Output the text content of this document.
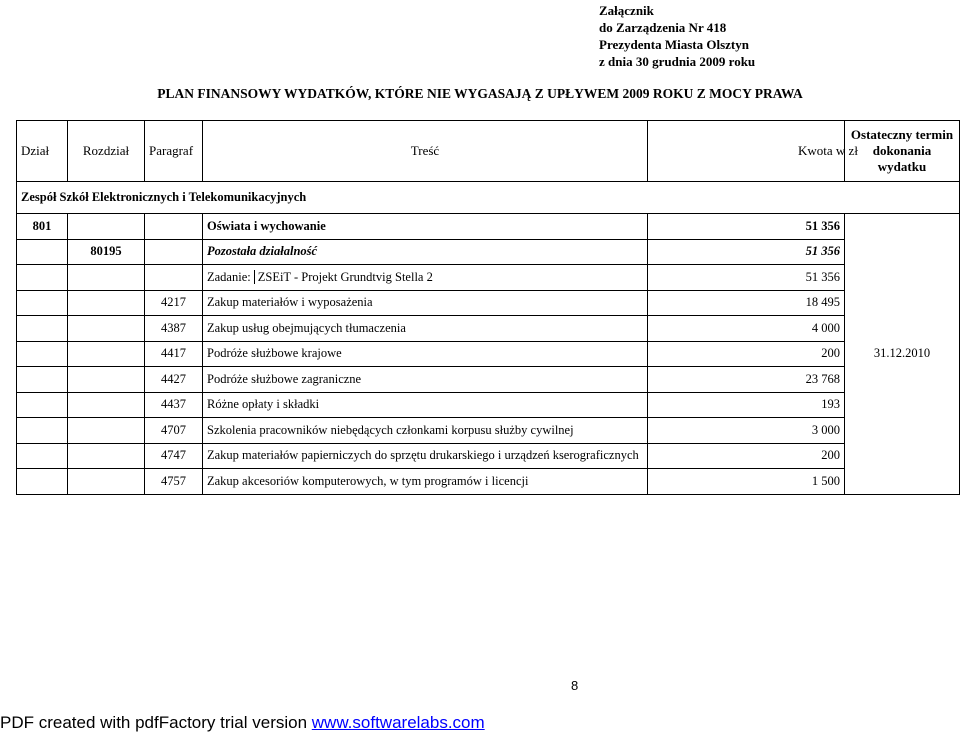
Załącznik
do Zarządzenia Nr 418
Prezydenta Miasta Olsztyn
z dnia 30 grudnia 2009 roku
PLAN FINANSOWY WYDATKÓW, KTÓRE NIE WYGASAJĄ Z UPŁYWEM 2009 ROKU Z MOCY PRAWA
Dział	Rozdział	Paragraf	Treść	Kwota w zł	Ostateczny termin dokonania wydatku
Zespół Szkół Elektronicznych i Telekomunikacyjnych					
801			Oświata i wychowanie	51 356	31.12.2010
	80195		Pozostała działalność	51 356	
			Zadanie: ZSEiT - Projekt Grundtvig Stella 2	51 356	
		4217	Zakup materiałów i wyposażenia	18 495	
		4387	Zakup usług obejmujących tłumaczenia	4 000	
		4417	Podróże służbowe krajowe	200	
		4427	Podróże służbowe zagraniczne	23 768	
		4437	Różne opłaty i składki	193	
		4707	Szkolenia pracowników niebędących członkami korpusu służby cywilnej	3 000	
		4747	Zakup materiałów papierniczych do sprzętu drukarskiego i urządzeń kserograficznych	200	
		4757	Zakup akcesoriów komputerowych, w tym programów i licencji	1 500	
8
PDF created with pdfFactory trial version www.softwarelabs.com
